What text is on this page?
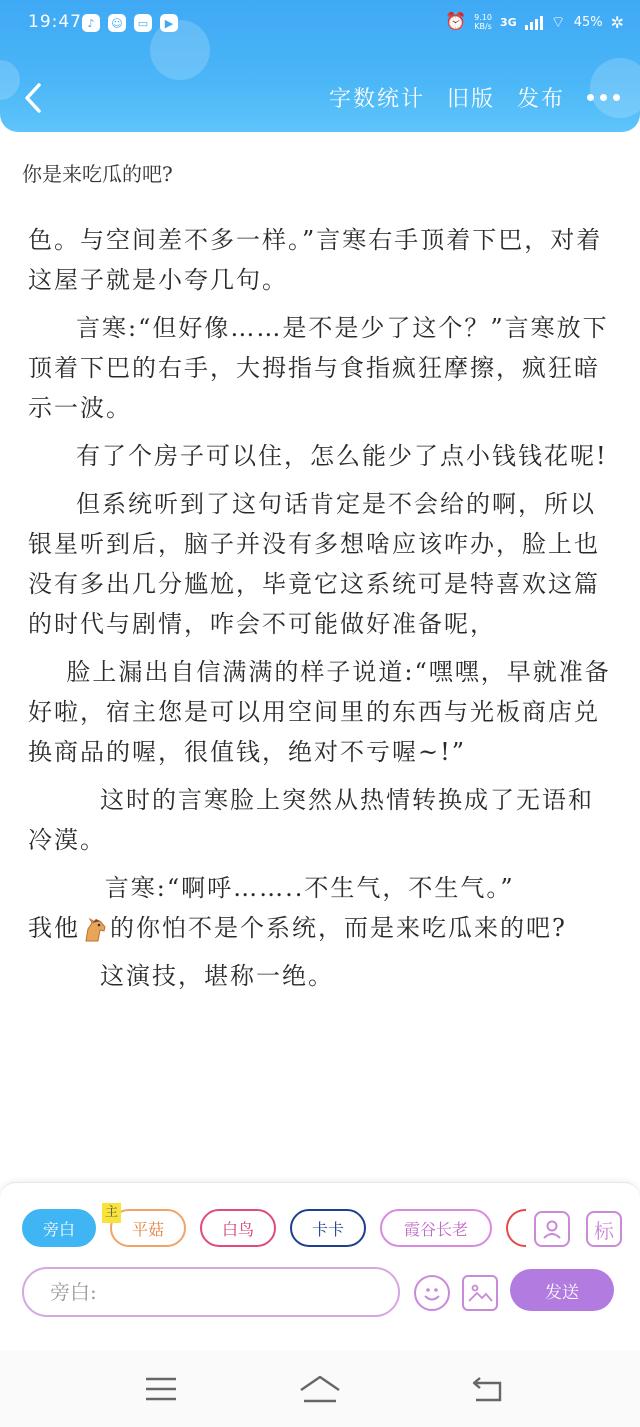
19:47 ♪	☺	▭	▶	⏰ 9.10
KB/s 3G ⌔ 45% ✲
字数统计 旧版 发布
你是来吃瓜的吧?

色。与空间差不多一样。”言寒右手顶着下巴，对着这屋子就是小夸几句。

言寒:“但好像……是不是少了这个？”言寒放下顶着下巴的右手，大拇指与食指疯狂摩擦，疯狂暗示一波。

有了个房子可以住，怎么能少了点小钱钱花呢!

但系统听到了这句话肯定是不会给的啊，所以银星听到后，脑子并没有多想啥应该咋办，脸上也没有多出几分尴尬，毕竟它这系统可是特喜欢这篇的时代与剧情，咋会不可能做好准备呢，

脸上漏出自信满满的样子说道:“嘿嘿，早就准备好啦，宿主您是可以用空间里的东西与光板商店兑换商品的喔，很值钱，绝对不亏喔~!”

这时的言寒脸上突然从热情转换成了无语和冷漠。

言寒:“啊呼……..不生气，不生气。”

我他 的你怕不是个系统，而是来吃瓜来的吧?

这演技，堪称一绝。

旁白
主
平菇	白鸟	卡卡	霞谷长老	标
旁白:	发送
